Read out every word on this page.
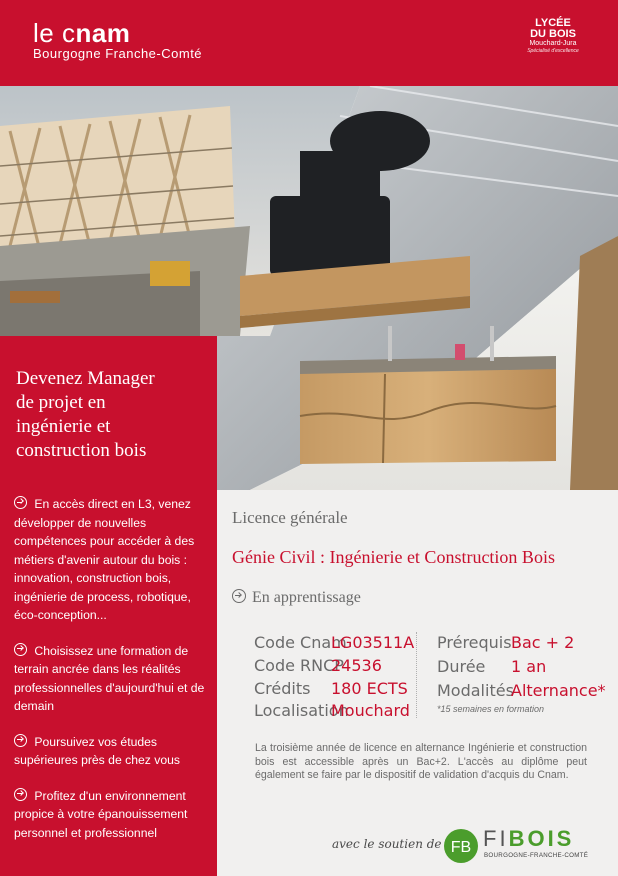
le cnam
Bourgogne Franche-Comté
LYCÉE
DU BOIS
Mouchard-Jura
Spécialisé d'excellence
Devenez Manager
de projet en
ingénierie et
construction bois
En accès direct en L3, venez développer de nouvelles compétences pour accéder à des métiers d'avenir autour du bois : innovation, construction bois, ingénierie de process, robotique, éco-conception...
Choisissez une formation de terrain ancrée dans les réalités professionnelles d'aujourd'hui et de demain
Poursuivez vos études supérieures près de chez vous
Profitez d'un environnement propice à votre épanouissement personnel et professionnel
Licence générale
Génie Civil : Ingénierie et Construction Bois
En apprentissage
Code Cnam
LG03511A
Code RNCP
24536
Crédits 180 ECTS
Localisation
Mouchard
Prérequis Bac + 2
Durée 1 an
Modalités
Alternance*
*15 semaines en formation
La troisième année de licence en alternance Ingénierie et construction bois est accessible après un Bac+2. L'accès au diplôme peut également se faire par le dispositif de validation d'acquis du Cnam.
avec le soutien de FB FIBOIS
BOURGOGNE-FRANCHE-COMTÉ
